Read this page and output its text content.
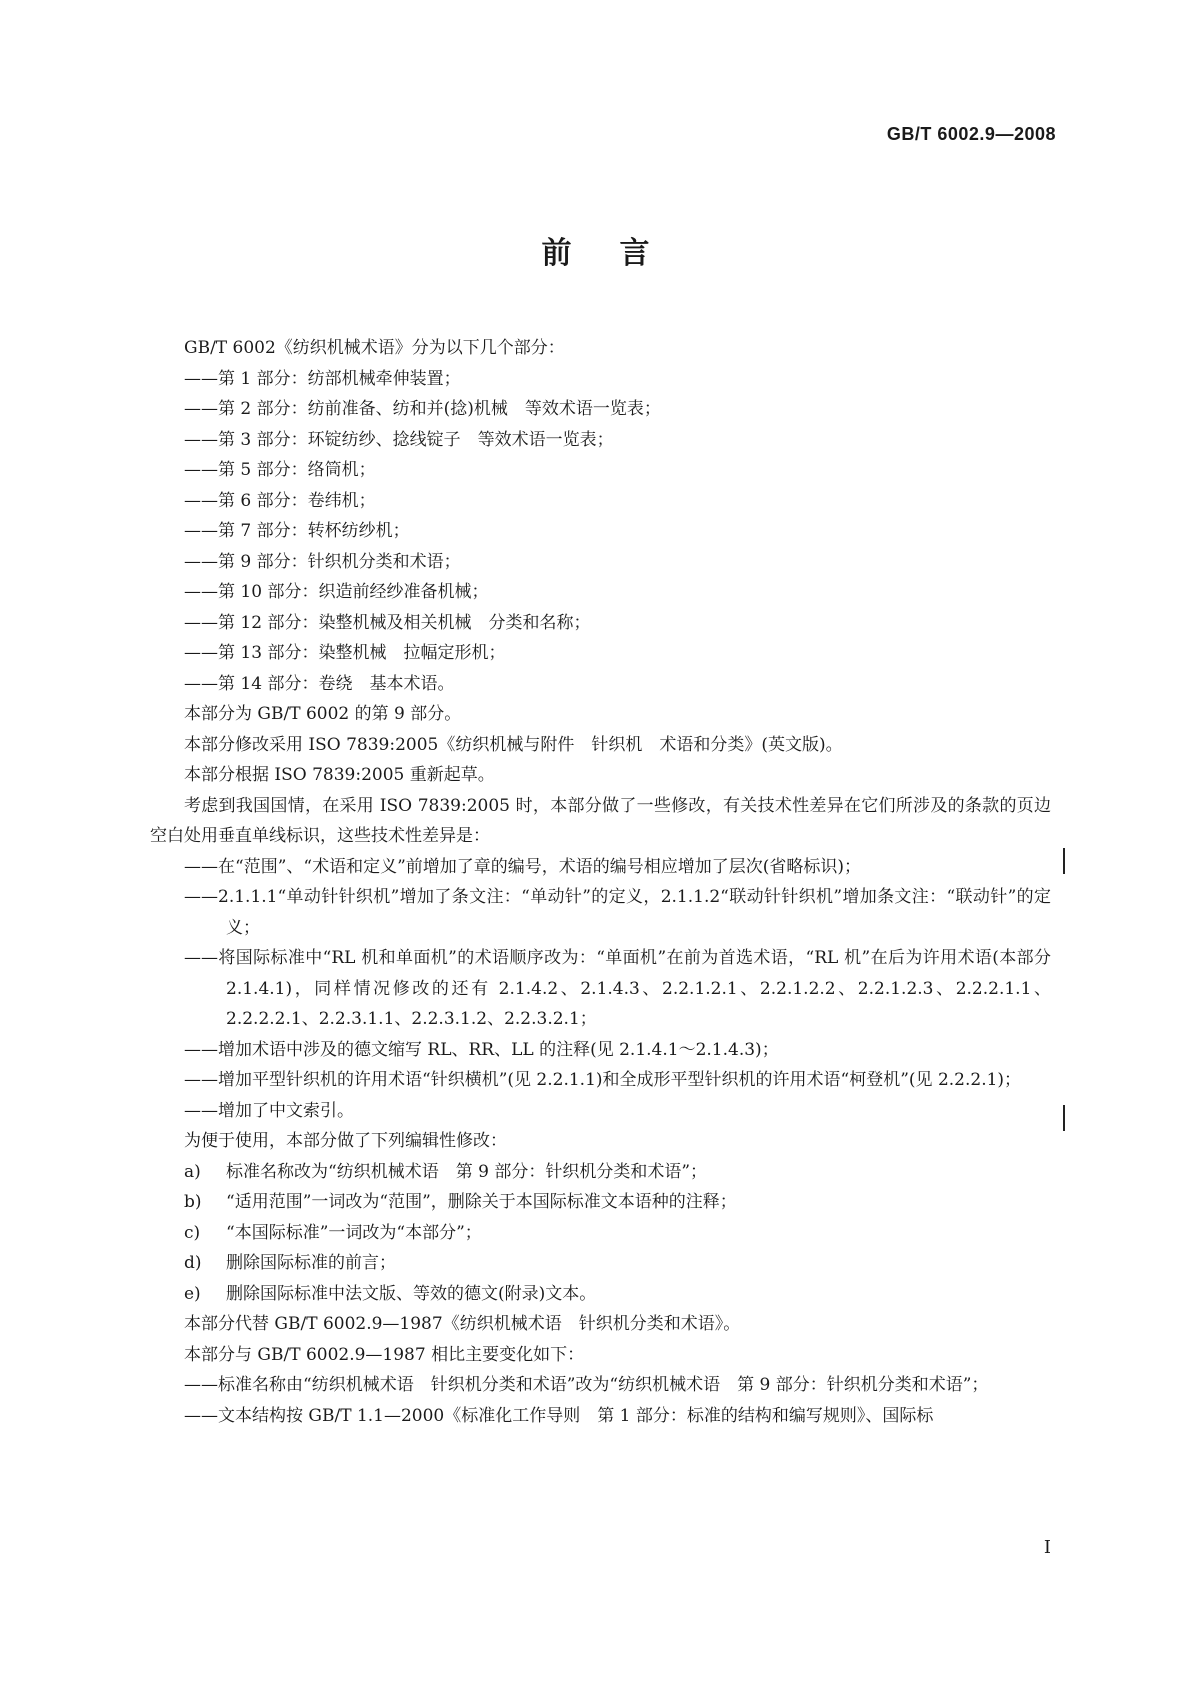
GB/T 6002.9—2008
前言

GB/T 6002《纺织机械术语》分为以下几个部分：

——第 1 部分：纺部机械牵伸装置；

——第 2 部分：纺前准备、纺和并(捻)机械　等效术语一览表；

——第 3 部分：环锭纺纱、捻线锭子　等效术语一览表；

——第 5 部分：络筒机；

——第 6 部分：卷纬机；

——第 7 部分：转杯纺纱机；

——第 9 部分：针织机分类和术语；

——第 10 部分：织造前经纱准备机械；

——第 12 部分：染整机械及相关机械　分类和名称；

——第 13 部分：染整机械　拉幅定形机；

——第 14 部分：卷绕　基本术语。

本部分为 GB/T 6002 的第 9 部分。

本部分修改采用 ISO 7839:2005《纺织机械与附件　针织机　术语和分类》(英文版)。

本部分根据 ISO 7839:2005 重新起草。

考虑到我国国情，在采用 ISO 7839:2005 时，本部分做了一些修改，有关技术性差异在它们所涉及的条款的页边空白处用垂直单线标识，这些技术性差异是：

——在“范围”、“术语和定义”前增加了章的编号，术语的编号相应增加了层次(省略标识)；

——2.1.1.1“单动针针织机”增加了条文注：“单动针”的定义，2.1.1.2“联动针针织机”增加条文注：“联动针”的定义；

——将国际标准中“RL 机和单面机”的术语顺序改为：“单面机”在前为首选术语，“RL 机”在后为许用术语(本部分 2.1.4.1)，同样情况修改的还有 2.1.4.2、2.1.4.3、2.2.1.2.1、2.2.1.2.2、2.2.1.2.3、2.2.2.1.1、2.2.2.2.1、2.2.3.1.1、2.2.3.1.2、2.2.3.2.1；

——增加术语中涉及的德文缩写 RL、RR、LL 的注释(见 2.1.4.1～2.1.4.3)；

——增加平型针织机的许用术语“针织横机”(见 2.2.1.1)和全成形平型针织机的许用术语“柯登机”(见 2.2.2.1)；

——增加了中文索引。

为便于使用，本部分做了下列编辑性修改：

a) 标准名称改为“纺织机械术语　第 9 部分：针织机分类和术语”；

b) “适用范围”一词改为“范围”，删除关于本国际标准文本语种的注释；

c) “本国际标准”一词改为“本部分”；

d) 删除国际标准的前言；

e) 删除国际标准中法文版、等效的德文(附录)文本。

本部分代替 GB/T 6002.9—1987《纺织机械术语　针织机分类和术语》。

本部分与 GB/T 6002.9—1987 相比主要变化如下：

——标准名称由“纺织机械术语　针织机分类和术语”改为“纺织机械术语　第 9 部分：针织机分类和术语”；

——文本结构按 GB/T 1.1—2000《标准化工作导则　第 1 部分：标准的结构和编写规则》、国际标

I
